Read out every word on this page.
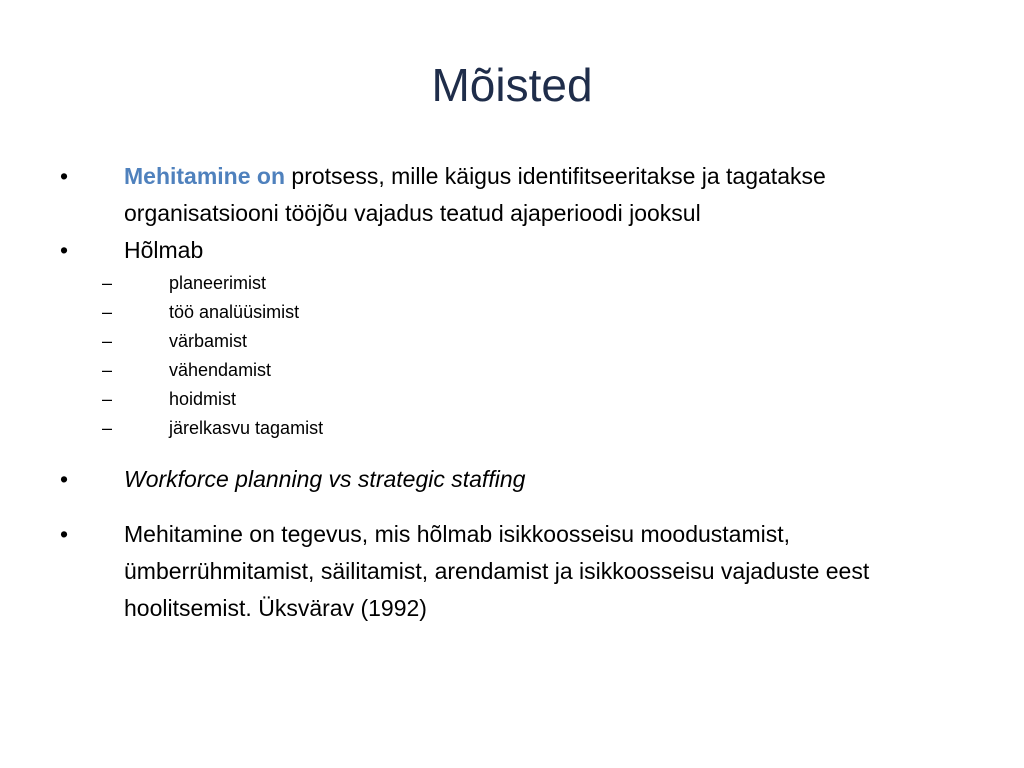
Mõisted
•	Mehitamine on protsess, mille käigus identifitseeritakse ja tagatakse organisatsiooni tööjõu vajadus teatud ajaperioodi jooksul
•	Hõlmab
–	planeerimist
–	töö analüüsimist
–	värbamist
–	vähendamist
–	hoidmist
–	järelkasvu tagamist
•	Workforce planning vs strategic staffing
•	Mehitamine on tegevus, mis hõlmab isikkoosseisu moodustamist, ümberrühmitamist, säilitamist, arendamist ja isikkoosseisu vajaduste eest hoolitsemist. Üksvärav (1992)
